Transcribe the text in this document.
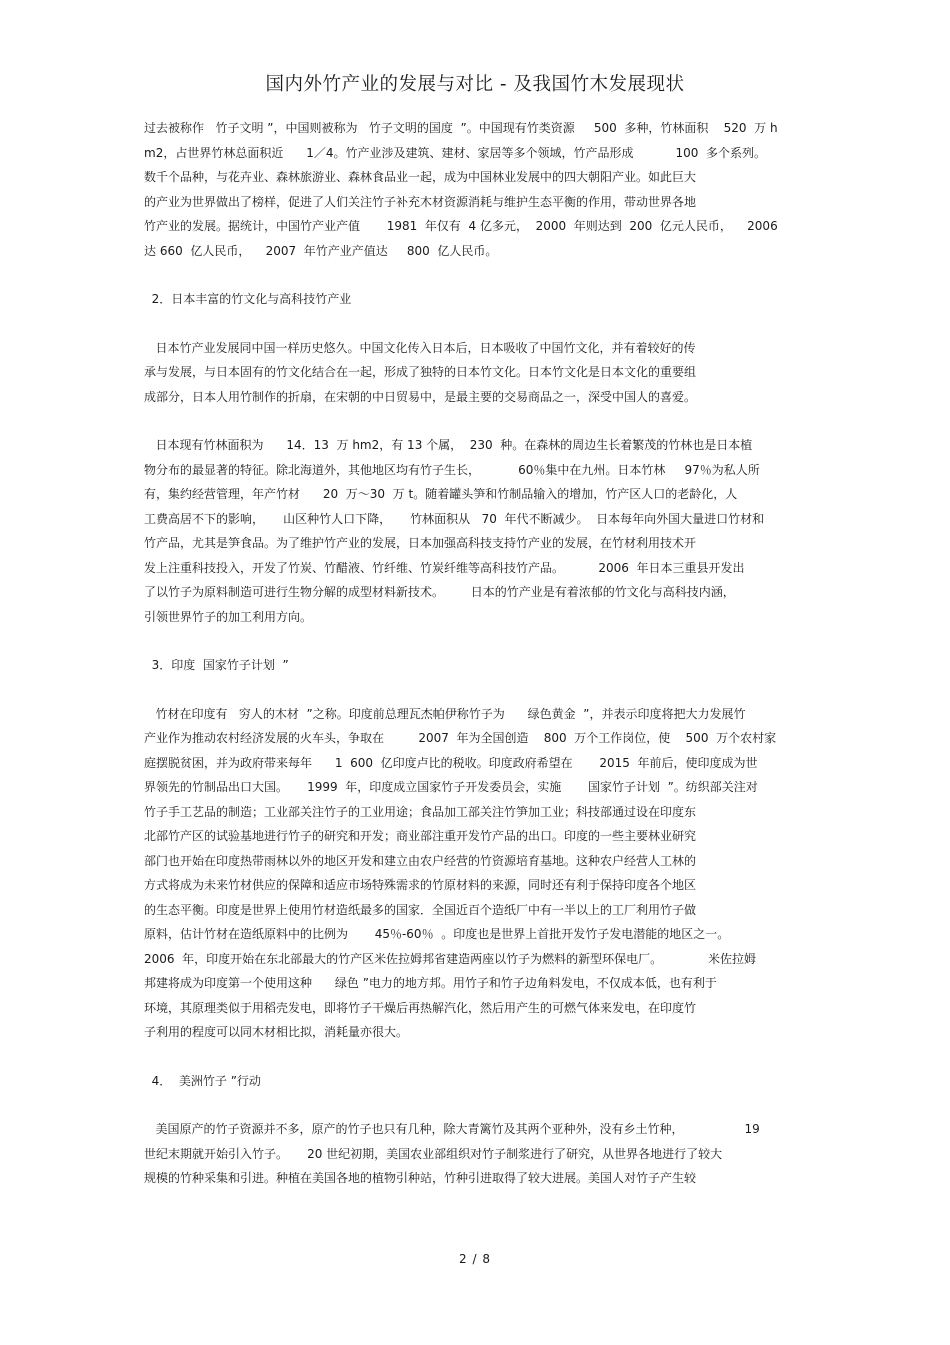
国内外竹产业的发展与对比 - 及我国竹木发展现状
过去被称作   竹子文明 ”，中国则被称为   竹子文明的国度  ”。中国现有竹类资源     500  多种，竹林面积    520  万 h
m2，占世界竹林总面积近      1／4。竹产业涉及建筑、建材、家居等多个领域，竹产品形成           100  多个系列。
数千个品种，与花卉业、森林旅游业、森林食品业一起，成为中国林业发展中的四大朝阳产业。如此巨大
的产业为世界做出了榜样，促进了人们关注竹子补充木材资源消耗与维护生态平衡的作用，带动世界各地
竹产业的发展。据统计，中国竹产业产值       1981  年仅有  4 亿多元，  2000  年则达到  200  亿元人民币，    2006
达 660  亿人民币，    2007  年竹产业产值达     800  亿人民币。
2．日本丰富的竹文化与高科技竹产业
日本竹产业发展同中国一样历史悠久。中国文化传入日本后，日本吸收了中国竹文化，并有着较好的传
承与发展，与日本固有的竹文化结合在一起，形成了独特的日本竹文化。日本竹文化是日本文化的重要组
成部分，日本人用竹制作的折扇，在宋朝的中日贸易中，是最主要的交易商品之一，深受中国人的喜爱。
日本现有竹林面积为      14．13  万 hm2，有 13 个属，  230  种。在森林的周边生长着繁茂的竹林也是日本植
物分布的最显著的特征。除北海道外，其他地区均有竹子生长，          60％集中在九州。日本竹林     97％为私人所
有，集约经营管理，年产竹材      20  万～30  万 t。随着罐头笋和竹制品输入的增加，竹产区人口的老龄化，人
工费高居不下的影响，     山区种竹人口下降，     竹林面积从   70  年代不断减少。  日本每年向外国大量进口竹材和
竹产品，尤其是笋食品。为了维护竹产业的发展，日本加强高科技支持竹产业的发展，在竹材利用技术开
发上注重科技投入，开发了竹炭、竹醋液、竹纤维、竹炭纤维等高科技竹产品。         2006  年日本三重县开发出
了以竹子为原料制造可进行生物分解的成型材料新技术。       日本的竹产业是有着浓郁的竹文化与高科技内涵，
引领世界竹子的加工利用方向。
3．印度  国家竹子计划  ”
竹材在印度有   穷人的木材  ”之称。印度前总理瓦杰帕伊称竹子为      绿色黄金  ”，并表示印度将把大力发展竹
产业作为推动农村经济发展的火车头，争取在         2007  年为全国创造    800  万个工作岗位，使    500  万个农村家
庭摆脱贫困，并为政府带来每年      1  600  亿印度卢比的税收。印度政府希望在       2015  年前后，使印度成为世
界领先的竹制品出口大国。     1999  年，印度成立国家竹子开发委员会，实施       国家竹子计划  ”。纺织部关注对
竹子手工艺品的制造；工业部关注竹子的工业用途；食品加工部关注竹笋加工业；科技部通过设在印度东
北部竹产区的试验基地进行竹子的研究和开发；商业部注重开发竹产品的出口。印度的一些主要林业研究
部门也开始在印度热带雨林以外的地区开发和建立由农户经营的竹资源培育基地。这种农户经营人工林的
方式将成为未来竹材供应的保障和适应市场特殊需求的竹原材料的来源，同时还有利于保持印度各个地区
的生态平衡。印度是世界上使用竹材造纸最多的国家．全国近百个造纸厂中有一半以上的工厂利用竹子做
原料，估计竹材在造纸原料中的比例为       45％-60％  。印度也是世界上首批开发竹子发电潜能的地区之一。
2006  年，印度开始在东北部最大的竹产区米佐拉姆邦省建造两座以竹子为燃料的新型环保电厂。            米佐拉姆
邦建将成为印度第一个使用这种      绿色 ”电力的地方邦。用竹子和竹子边角料发电，不仅成本低，也有利于
环境，其原理类似于用稻壳发电，即将竹子干燥后再热解汽化，然后用产生的可燃气体来发电，在印度竹
子利用的程度可以同木材相比拟，消耗量亦很大。
4．  美洲竹子 ”行动
美国原产的竹子资源并不多，原产的竹子也只有几种，除大青篱竹及其两个亚种外，没有乡土竹种，                19
世纪末期就开始引入竹子。     20 世纪初期，美国农业部组织对竹子制浆进行了研究，从世界各地进行了较大
规模的竹种采集和引进。种植在美国各地的植物引种站，竹种引进取得了较大进展。美国人对竹子产生较
2 / 8
